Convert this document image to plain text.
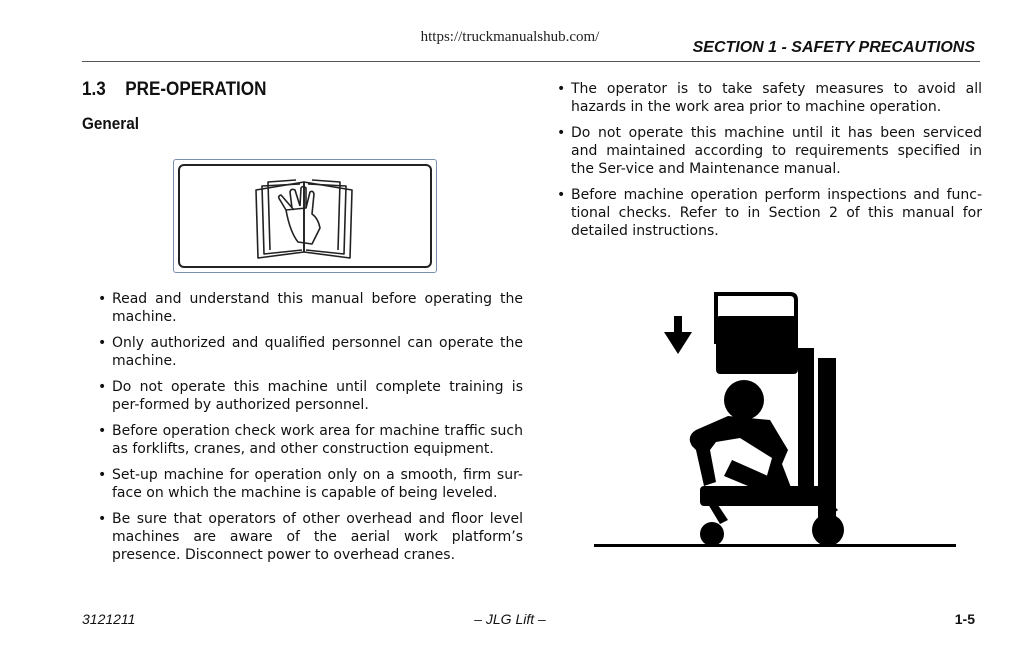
https://truckmanualshub.com/
SECTION 1 - SAFETY PRECAUTIONS
1.3 PRE-OPERATION
General
• Read and understand this manual before operating the machine.
• Only authorized and qualified personnel can operate the machine.
• Do not operate this machine until complete training is per-formed by authorized personnel.
• Before operation check work area for machine traffic such as forklifts, cranes, and other construction equipment.
• Set-up machine for operation only on a smooth, firm sur-face on which the machine is capable of being leveled.
• Be sure that operators of other overhead and floor level machines are aware of the aerial work platform’s presence. Disconnect power to overhead cranes.
• The operator is to take safety measures to avoid all hazards in the work area prior to machine operation.
• Do not operate this machine until it has been serviced and maintained according to requirements specified in the Ser-vice and Maintenance manual.
• Before machine operation perform inspections and func-tional checks. Refer to in Section 2 of this manual for detailed instructions.
3121211	– JLG Lift –	1-5
